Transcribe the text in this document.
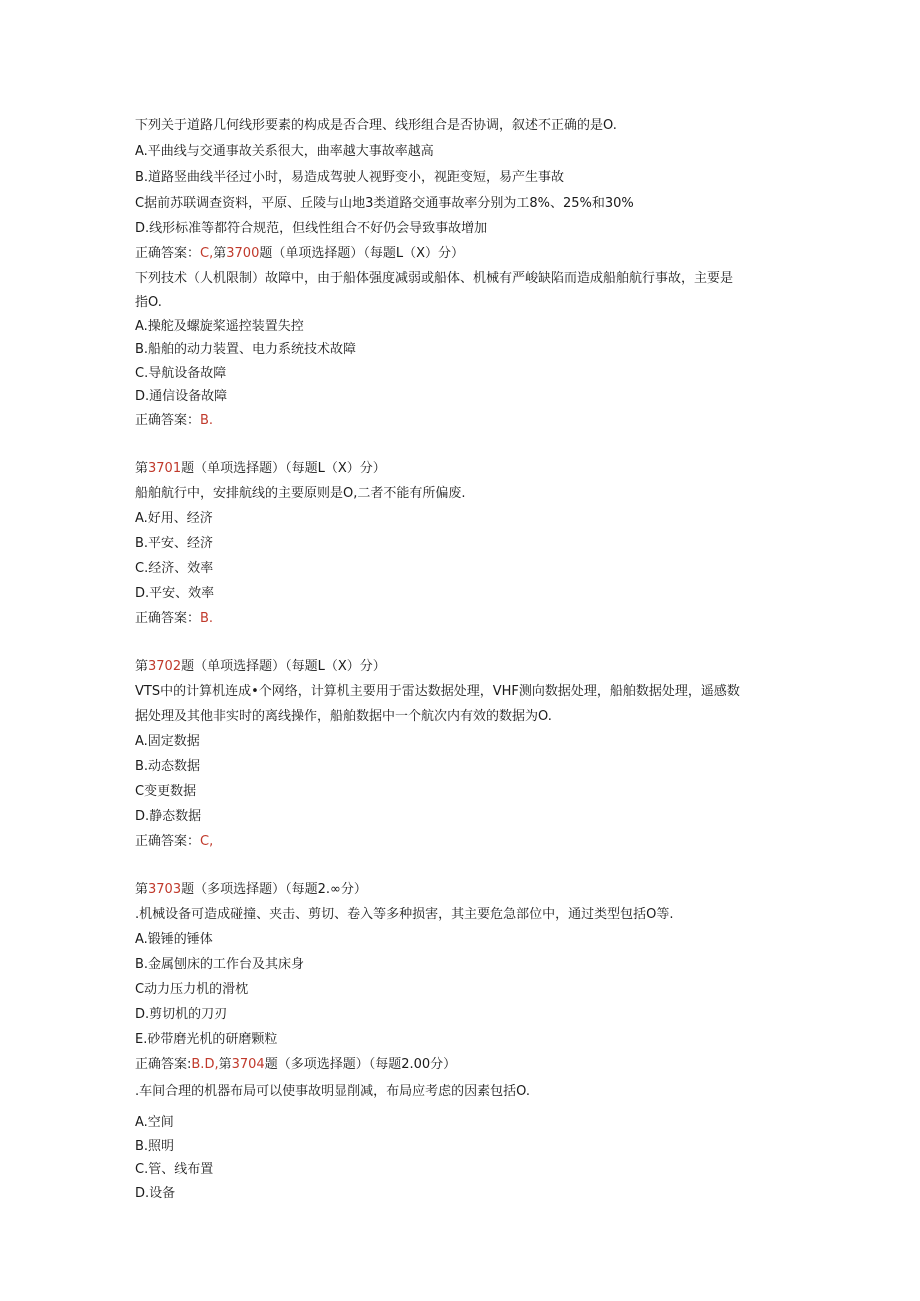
下列关于道路几何线形要素的构成是否合理、线形组合是否协调，叙述不正确的是O.
A.平曲线与交通事故关系很大，曲率越大事故率越高
B.道路竖曲线半径过小时，易造成驾驶人视野变小，视距变短，易产生事故
C据前苏联调查资料，平原、丘陵与山地3类道路交通事故率分别为工8%、25%和30%
D.线形标准等都符合规范，但线性组合不好仍会导致事故增加
正确答案：C,第3700题（单项选择题）（每题L（X）分）
下列技术（人机限制）故障中，由于船体强度减弱或船体、机械有严峻缺陷而造成船舶航行事故，主要是
指O.
A.操舵及螺旋桨遥控装置失控
B.船舶的动力装置、电力系统技术故障
C.导航设备故障
D.通信设备故障
正确答案：B.
第3701题（单项选择题）（每题L（X）分）
船舶航行中，安排航线的主要原则是O,二者不能有所偏废.
A.好用、经济
B.平安、经济
C.经济、效率
D.平安、效率
正确答案：B.
第3702题（单项选择题）（每题L（X）分）
VTS中的计算机连成•个网络，计算机主要用于雷达数据处理，VHF测向数据处理，船舶数据处理，遥感数
据处理及其他非实时的离线操作，船舶数据中一个航次内有效的数据为O.
A.固定数据
B.动态数据
C变更数据
D.静态数据
正确答案：C,
第3703题（多项选择题）（每题2.∞分）
.机械设备可造成碰撞、夹击、剪切、卷入等多种损害，其主要危急部位中，通过类型包括O等.
A.锻锤的锤体
B.金属刨床的工作台及其床身
C动力压力机的滑枕
D.剪切机的刀刃
E.砂带磨光机的研磨颗粒
正确答案:B.D,第3704题（多项选择题）（每题2.00分）
.车间合理的机器布局可以使事故明显削减，布局应考虑的因素包括O.
A.空间
B.照明
C.管、线布置
D.设备
